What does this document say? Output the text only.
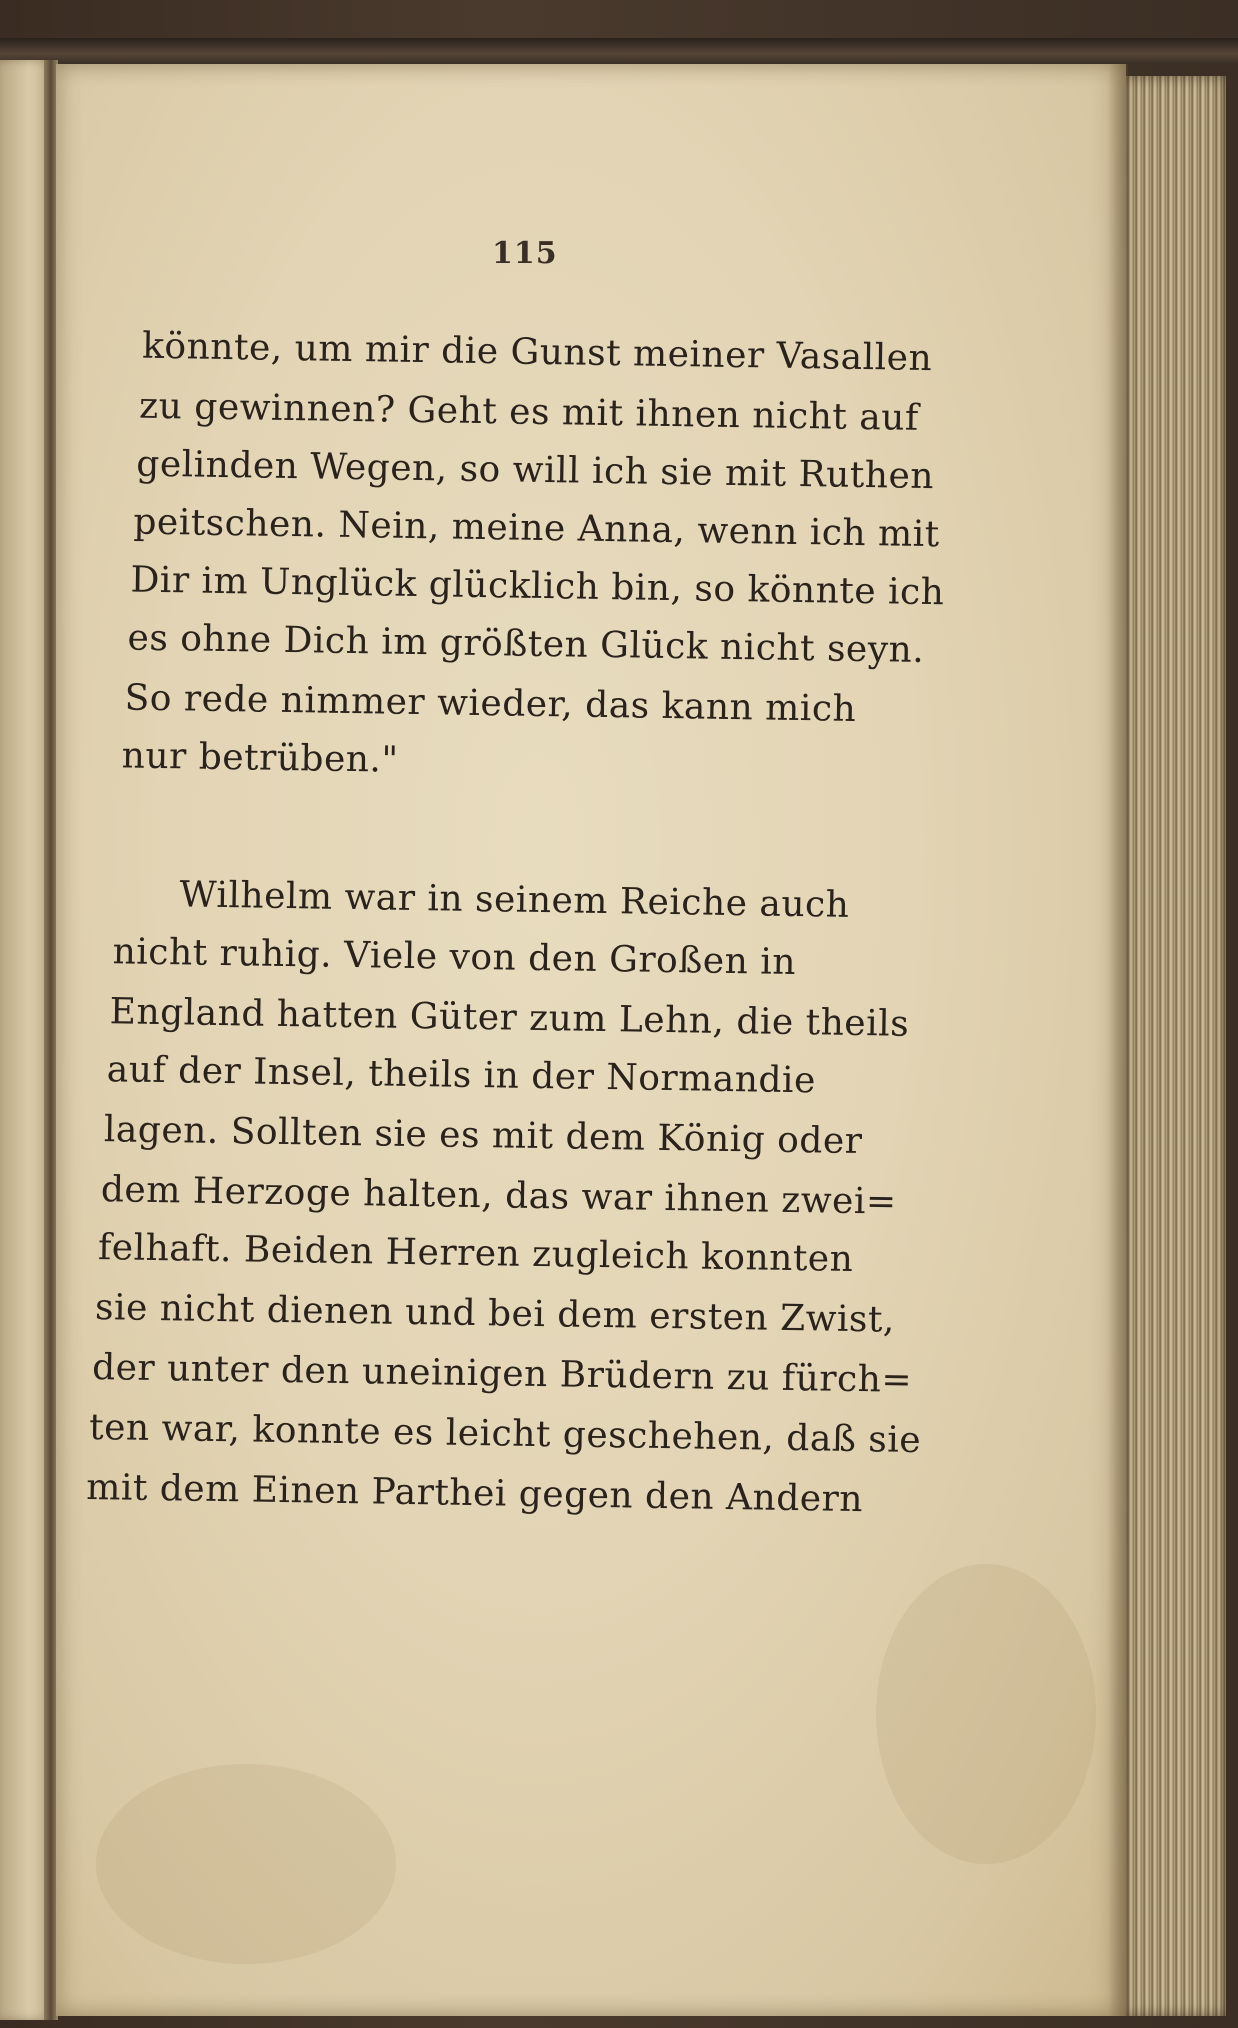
115
könnte, um mir die Gunst meiner Vasallen
zu gewinnen? Geht es mit ihnen nicht auf
gelinden Wegen, so will ich sie mit Ruthen
peitschen. Nein, meine Anna, wenn ich mit
Dir im Unglück glücklich bin, so könnte ich
es ohne Dich im größten Glück nicht seyn.
So rede nimmer wieder, das kann mich
nur betrüben."
Wilhelm war in seinem Reiche auch
nicht ruhig. Viele von den Großen in
England hatten Güter zum Lehn, die theils
auf der Insel, theils in der Normandie
lagen. Sollten sie es mit dem König oder
dem Herzoge halten, das war ihnen zwei=
felhaft. Beiden Herren zugleich konnten
sie nicht dienen und bei dem ersten Zwist,
der unter den uneinigen Brüdern zu fürch=
ten war, konnte es leicht geschehen, daß sie
mit dem Einen Parthei gegen den Andern
